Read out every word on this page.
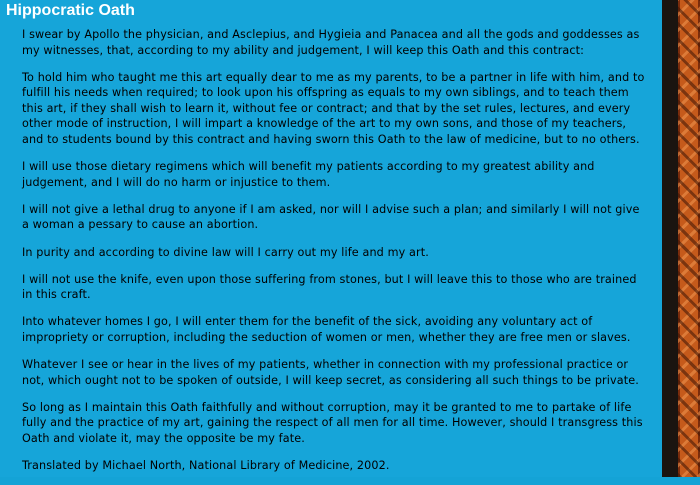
Hippocratic Oath

I swear by Apollo the physician, and Asclepius, and Hygieia and Panacea and all the gods and goddesses as my witnesses, that, according to my ability and judgement, I will keep this Oath and this contract:

To hold him who taught me this art equally dear to me as my parents, to be a partner in life with him, and to fulfill his needs when required; to look upon his offspring as equals to my own siblings, and to teach them this art, if they shall wish to learn it, without fee or contract; and that by the set rules, lectures, and every other mode of instruction, I will impart a knowledge of the art to my own sons, and those of my teachers, and to students bound by this contract and having sworn this Oath to the law of medicine, but to no others.

I will use those dietary regimens which will benefit my patients according to my greatest ability and judgement, and I will do no harm or injustice to them.

I will not give a lethal drug to anyone if I am asked, nor will I advise such a plan; and similarly I will not give a woman a pessary to cause an abortion.

In purity and according to divine law will I carry out my life and my art.

I will not use the knife, even upon those suffering from stones, but I will leave this to those who are trained in this craft.

Into whatever homes I go, I will enter them for the benefit of the sick, avoiding any voluntary act of impropriety or corruption, including the seduction of women or men, whether they are free men or slaves.

Whatever I see or hear in the lives of my patients, whether in connection with my professional practice or not, which ought not to be spoken of outside, I will keep secret, as considering all such things to be private.

So long as I maintain this Oath faithfully and without corruption, may it be granted to me to partake of life fully and the practice of my art, gaining the respect of all men for all time. However, should I transgress this Oath and violate it, may the opposite be my fate.

Translated by Michael North, National Library of Medicine, 2002.
